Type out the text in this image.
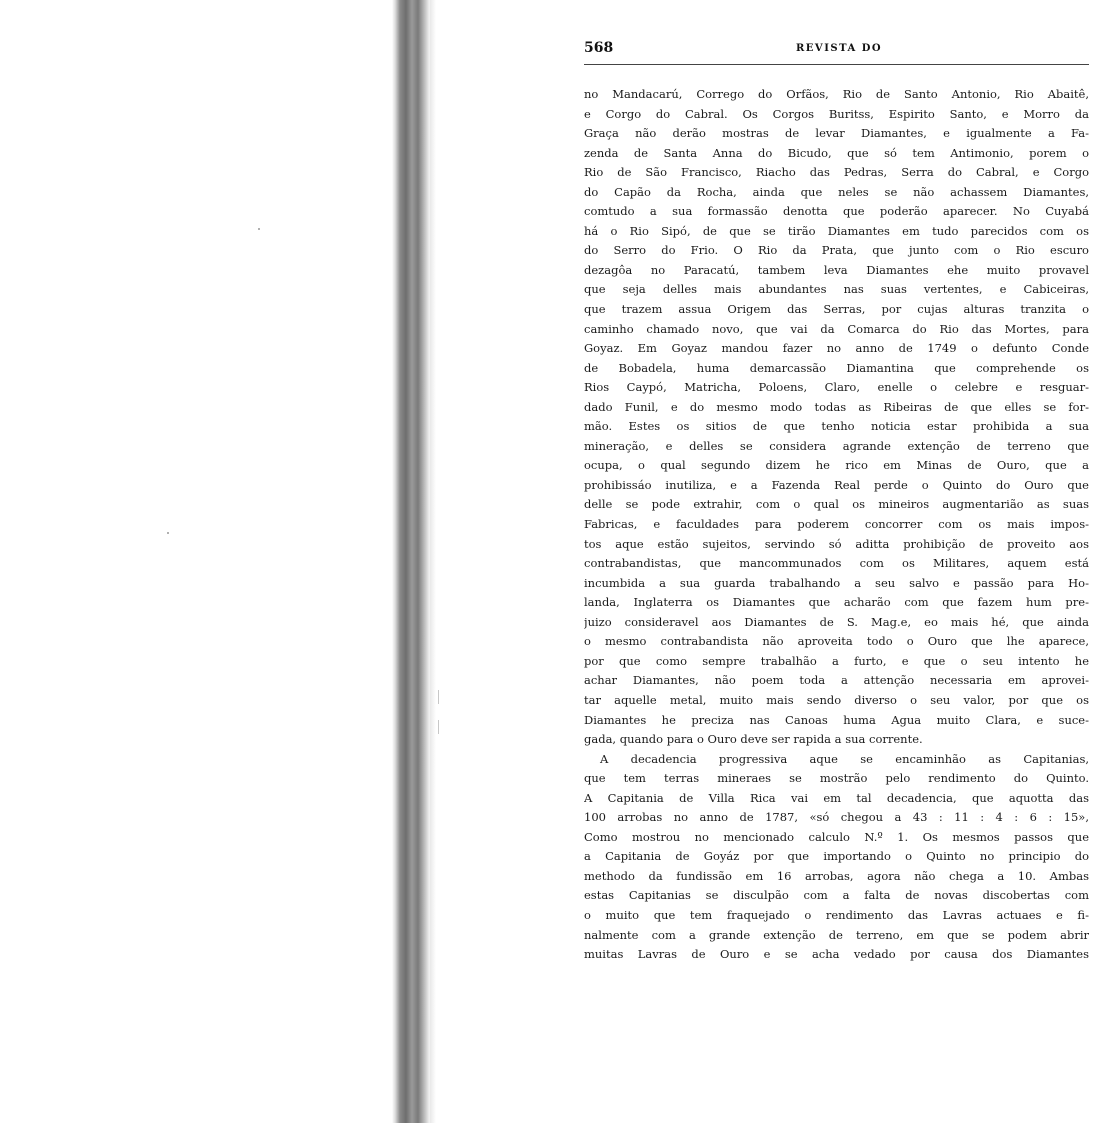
568	REVISTA DO
no Mandacarú, Corrego do Orfãos, Rio de Santo Antonio, Rio Abaitê,
e Corgo do Cabral. Os Corgos Buritss, Espirito Santo, e Morro da
Graça não derão mostras de levar Diamantes, e igualmente a Fa-
zenda de Santa Anna do Bicudo, que só tem Antimonio, porem o
Rio de São Francisco, Riacho das Pedras, Serra do Cabral, e Corgo
do Capão da Rocha, ainda que neles se não achassem Diamantes,
comtudo a sua formassão denotta que poderão aparecer. No Cuyabá
há o Rio Sipó, de que se tirão Diamantes em tudo parecidos com os
do Serro do Frio. O Rio da Prata, que junto com o Rio escuro
dezagôa no Paracatú, tambem leva Diamantes ehe muito provavel
que seja delles mais abundantes nas suas vertentes, e Cabiceiras,
que trazem assua Origem das Serras, por cujas alturas tranzita o
caminho chamado novo, que vai da Comarca do Rio das Mortes, para
Goyaz. Em Goyaz mandou fazer no anno de 1749 o defunto Conde
de Bobadela, huma demarcassão Diamantina que comprehende os
Rios Caypó, Matricha, Poloens, Claro, enelle o celebre e resguar-
dado Funil, e do mesmo modo todas as Ribeiras de que elles se for-
mão. Estes os sitios de que tenho noticia estar prohibida a sua
mineração, e delles se considera agrande extenção de terreno que
ocupa, o qual segundo dizem he rico em Minas de Ouro, que a
prohibissáo inutiliza, e a Fazenda Real perde o Quinto do Ouro que
delle se pode extrahir, com o qual os mineiros augmentarião as suas
Fabricas, e faculdades para poderem concorrer com os mais impos-
tos aque estão sujeitos, servindo só aditta prohibição de proveito aos
contrabandistas, que mancommunados com os Militares, aquem está
incumbida a sua guarda trabalhando a seu salvo e passão para Ho-
landa, Inglaterra os Diamantes que acharão com que fazem hum pre-
juizo consideravel aos Diamantes de S. Mag.e, eo mais hé, que ainda
o mesmo contrabandista não aproveita todo o Ouro que lhe aparece,
por que como sempre trabalhão a furto, e que o seu intento he
achar Diamantes, não poem toda a attenção necessaria em aprovei-
tar aquelle metal, muito mais sendo diverso o seu valor, por que os
Diamantes he preciza nas Canoas huma Agua muito Clara, e suce-
gada, quando para o Ouro deve ser rapida a sua corrente.
A decadencia progressiva aque se encaminhão as Capitanias,
que tem terras mineraes se mostrão pelo rendimento do Quinto.
A Capitania de Villa Rica vai em tal decadencia, que aquotta das
100 arrobas no anno de 1787, «só chegou a 43 : 11 : 4 : 6 : 15»,
Como mostrou no mencionado calculo N.º 1. Os mesmos passos que
a Capitania de Goyáz por que importando o Quinto no principio do
methodo da fundissão em 16 arrobas, agora não chega a 10. Ambas
estas Capitanias se disculpão com a falta de novas discobertas com
o muito que tem fraquejado o rendimento das Lavras actuaes e fi-
nalmente com a grande extenção de terreno, em que se podem abrir
muitas Lavras de Ouro e se acha vedado por causa dos Diamantes
